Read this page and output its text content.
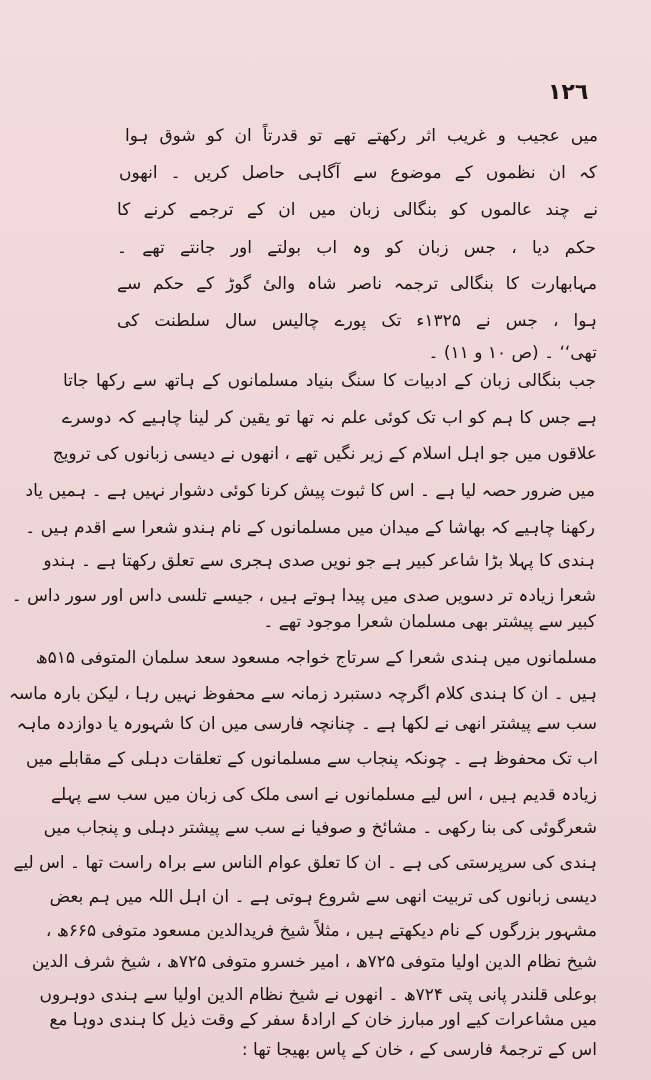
۱۲٦
میں عجیب و غریب اثر رکھتے تھے تو قدرتاً ان کو شوق ہوا
کہ ان نظموں کے موضوع سے آگاہی حاصل کریں ۔ انھوں
نے چند عالموں کو بنگالی زبان میں ان کے ترجمے کرنے کا
حکم دیا ، جس زبان کو وہ اب بولتے اور جانتے تھے ۔
مہابھارت کا بنگالی ترجمہ ناصر شاہ والیٔ گوڑ کے حکم سے
ہوا ، جس نے ۱۳۲۵ء تک پورے چالیس سال سلطنت کی
تھی‘‘ ۔ (ص ۱۰ و ۱۱) ۔
جب بنگالی زبان کے ادبیات کا سنگ بنیاد مسلمانوں کے ہاتھ سے رکھا جاتا
ہے جس کا ہم کو اب تک کوئی علم نہ تھا تو یقین کر لینا چاہیے کہ دوسرے
علاقوں میں جو اہل اسلام کے زیر نگیں تھے ، انھوں نے دیسی زبانوں کی ترویج
میں ضرور حصہ لیا ہے ۔ اس کا ثبوت پیش کرنا کوئی دشوار نہیں ہے ۔ ہمیں یاد
رکھنا چاہیے کہ بھاشا کے میدان میں مسلمانوں کے نام ہندو شعرا سے اقدم ہیں ۔
ہندی کا پہلا بڑا شاعر کبیر ہے جو نویں صدی ہجری سے تعلق رکھتا ہے ۔ ہندو
شعرا زیادہ تر دسویں صدی میں پیدا ہوتے ہیں ، جیسے تلسی داس اور سور داس ۔
کبیر سے پیشتر بھی مسلمان شعرا موجود تھے ۔
مسلمانوں میں ہندی شعرا کے سرتاج خواجہ مسعود سعد سلمان المتوفی ۵۱۵ھ
ہیں ۔ ان کا ہندی کلام اگرچہ دستبرد زمانہ سے محفوظ نہیں رہا ، لیکن بارہ ماسہ
سب سے پیشتر انھی نے لکھا ہے ۔ چنانچہ فارسی میں ان کا شہورہ یا دوازدہ ماہہ
اب تک محفوظ ہے ۔ چونکہ پنجاب سے مسلمانوں کے تعلقات دہلی کے مقابلے میں
زیادہ قدیم ہیں ، اس لیے مسلمانوں نے اسی ملک کی زبان میں سب سے پہلے
شعرگوئی کی بنا رکھی ۔ مشائخ و صوفیا نے سب سے پیشتر دہلی و پنجاب میں
ہندی کی سرپرستی کی ہے ۔ ان کا تعلق عوام الناس سے براہ راست تھا ۔ اس لیے
دیسی زبانوں کی تربیت انھی سے شروع ہوتی ہے ۔ ان اہل اللہ میں ہم بعض
مشہور بزرگوں کے نام دیکھتے ہیں ، مثلاً شیخ فریدالدین مسعود متوفی ۶۶۵ھ ،
شیخ نظام الدین اولیا متوفی ۷۲۵ھ ، امیر خسرو متوفی ۷۲۵ھ ، شیخ شرف الدین
بوعلی قلندر پانی پتی ۷۲۴ھ ۔ انھوں نے شیخ نظام الدین اولیا سے ہندی دوہروں
میں مشاعرات کیے اور مبارز خان کے ارادۂ سفر کے وقت ذیل کا ہندی دوہا مع
اس کے ترجمۂ فارسی کے ، خان کے پاس بھیجا تھا :
